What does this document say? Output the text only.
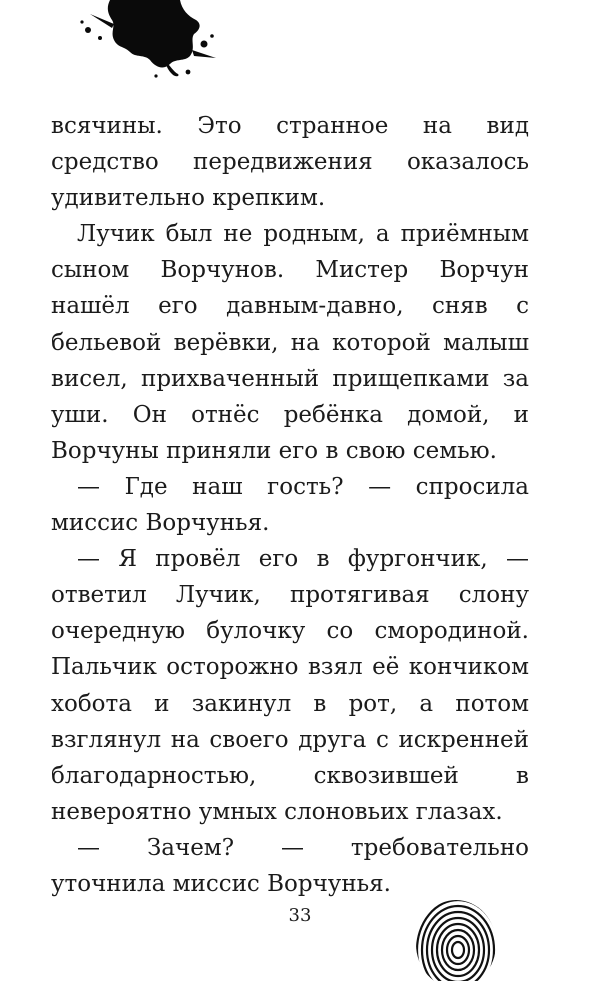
всячины. Это странное на вид средство передвижения оказалось удивительно крепким.

Лучик был не родным, а приёмным сыном Ворчунов. Мистер Ворчун нашёл его давным-давно, сняв с бельевой верёвки, на которой малыш висел, прихваченный прищепками за уши. Он отнёс ребёнка домой, и Ворчуны приняли его в свою семью.

— Где наш гость? — спросила миссис Ворчунья.

— Я провёл его в фургончик, — ответил Лучик, протягивая слону очередную булочку со смородиной. Пальчик осторожно взял её кончиком хобота и закинул в рот, а потом взглянул на своего друга с искренней благодарностью, сквозившей в невероятно умных слоновьих глазах.

— Зачем? — требовательно уточнила миссис Ворчунья.

33
